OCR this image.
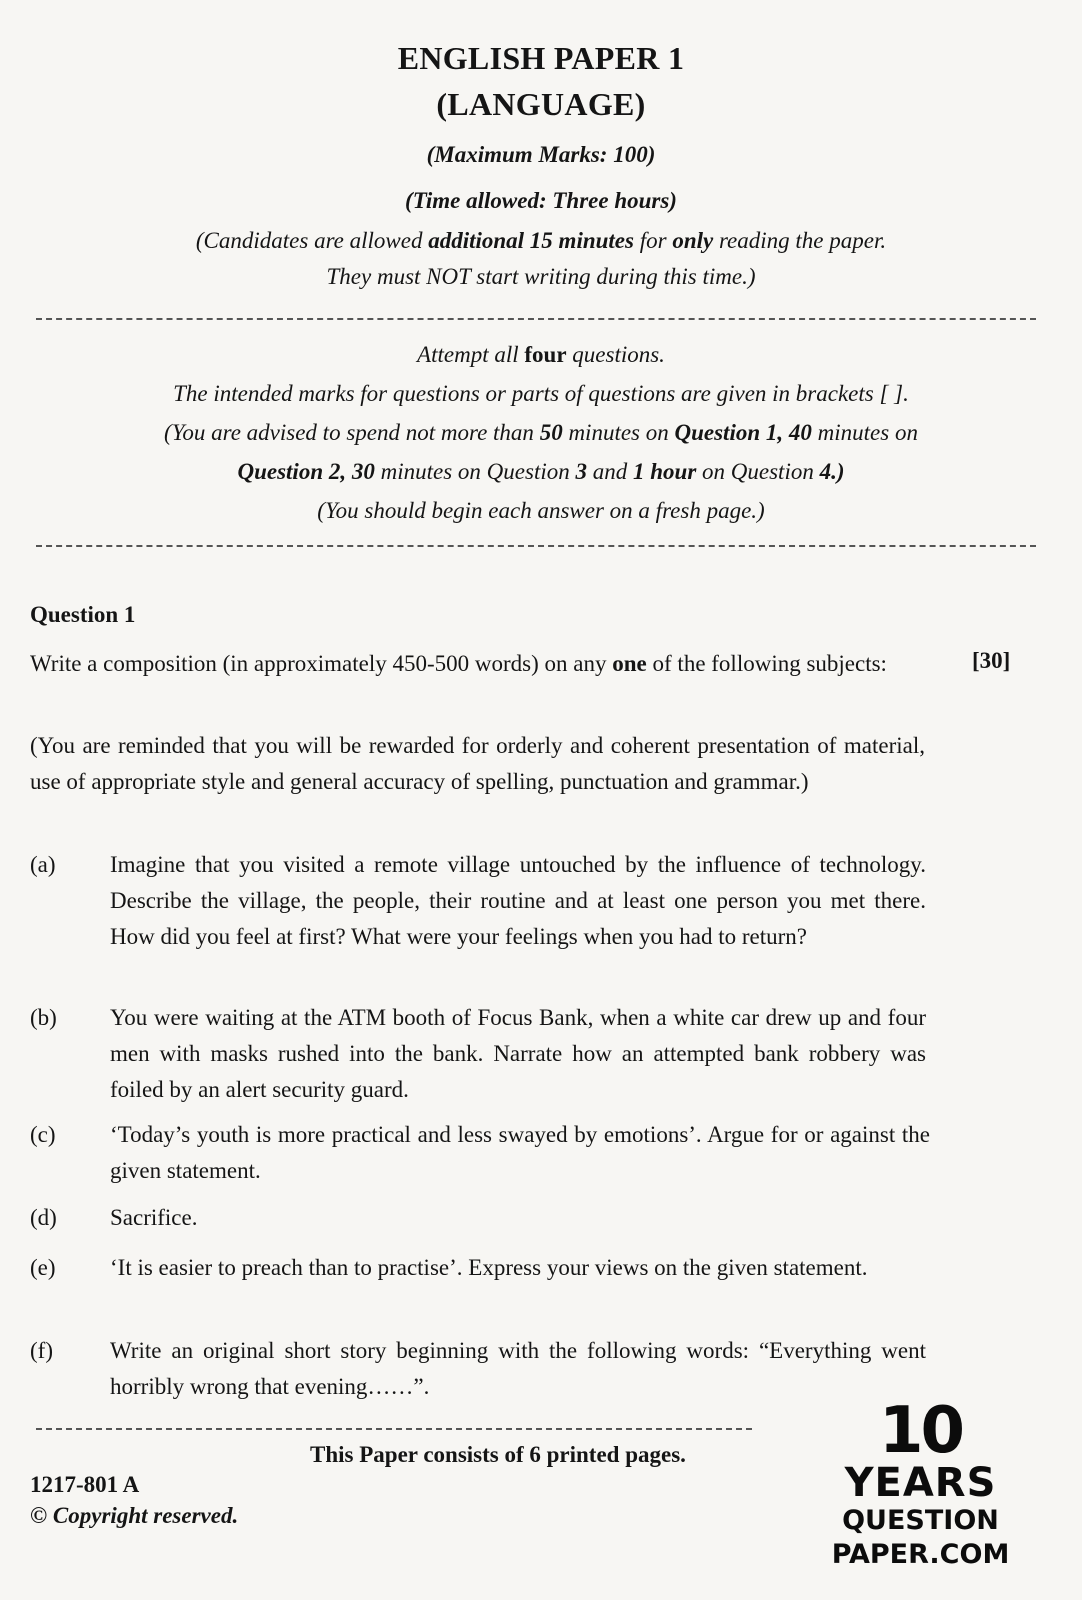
ENGLISH PAPER 1
(LANGUAGE)
(Maximum Marks: 100)
(Time allowed: Three hours)
(Candidates are allowed additional 15 minutes for only reading the paper.
They must NOT start writing during this time.)
Attempt all four questions.
The intended marks for questions or parts of questions are given in brackets [ ].
(You are advised to spend not more than 50 minutes on Question 1, 40 minutes on
Question 2, 30 minutes on Question 3 and 1 hour on Question 4.)
(You should begin each answer on a fresh page.)
Question 1
Write a composition (in approximately 450-500 words) on any one of the following subjects:	[30]
(You are reminded that you will be rewarded for orderly and coherent presentation of material, use of appropriate style and general accuracy of spelling, punctuation and grammar.)
(a) Imagine that you visited a remote village untouched by the influence of technology. Describe the village, the people, their routine and at least one person you met there. How did you feel at first? What were your feelings when you had to return?
(b) You were waiting at the ATM booth of Focus Bank, when a white car drew up and four men with masks rushed into the bank. Narrate how an attempted bank robbery was foiled by an alert security guard.
(c) ‘Today’s youth is more practical and less swayed by emotions’. Argue for or against the given statement.
(d) Sacrifice.
(e) ‘It is easier to preach than to practise’. Express your views on the given statement.
(f) Write an original short story beginning with the following words: “Everything went horribly wrong that evening……”.
This Paper consists of 6 printed pages.
1217-801 A
© Copyright reserved.
10
YEARS
QUESTION PAPER.COM
